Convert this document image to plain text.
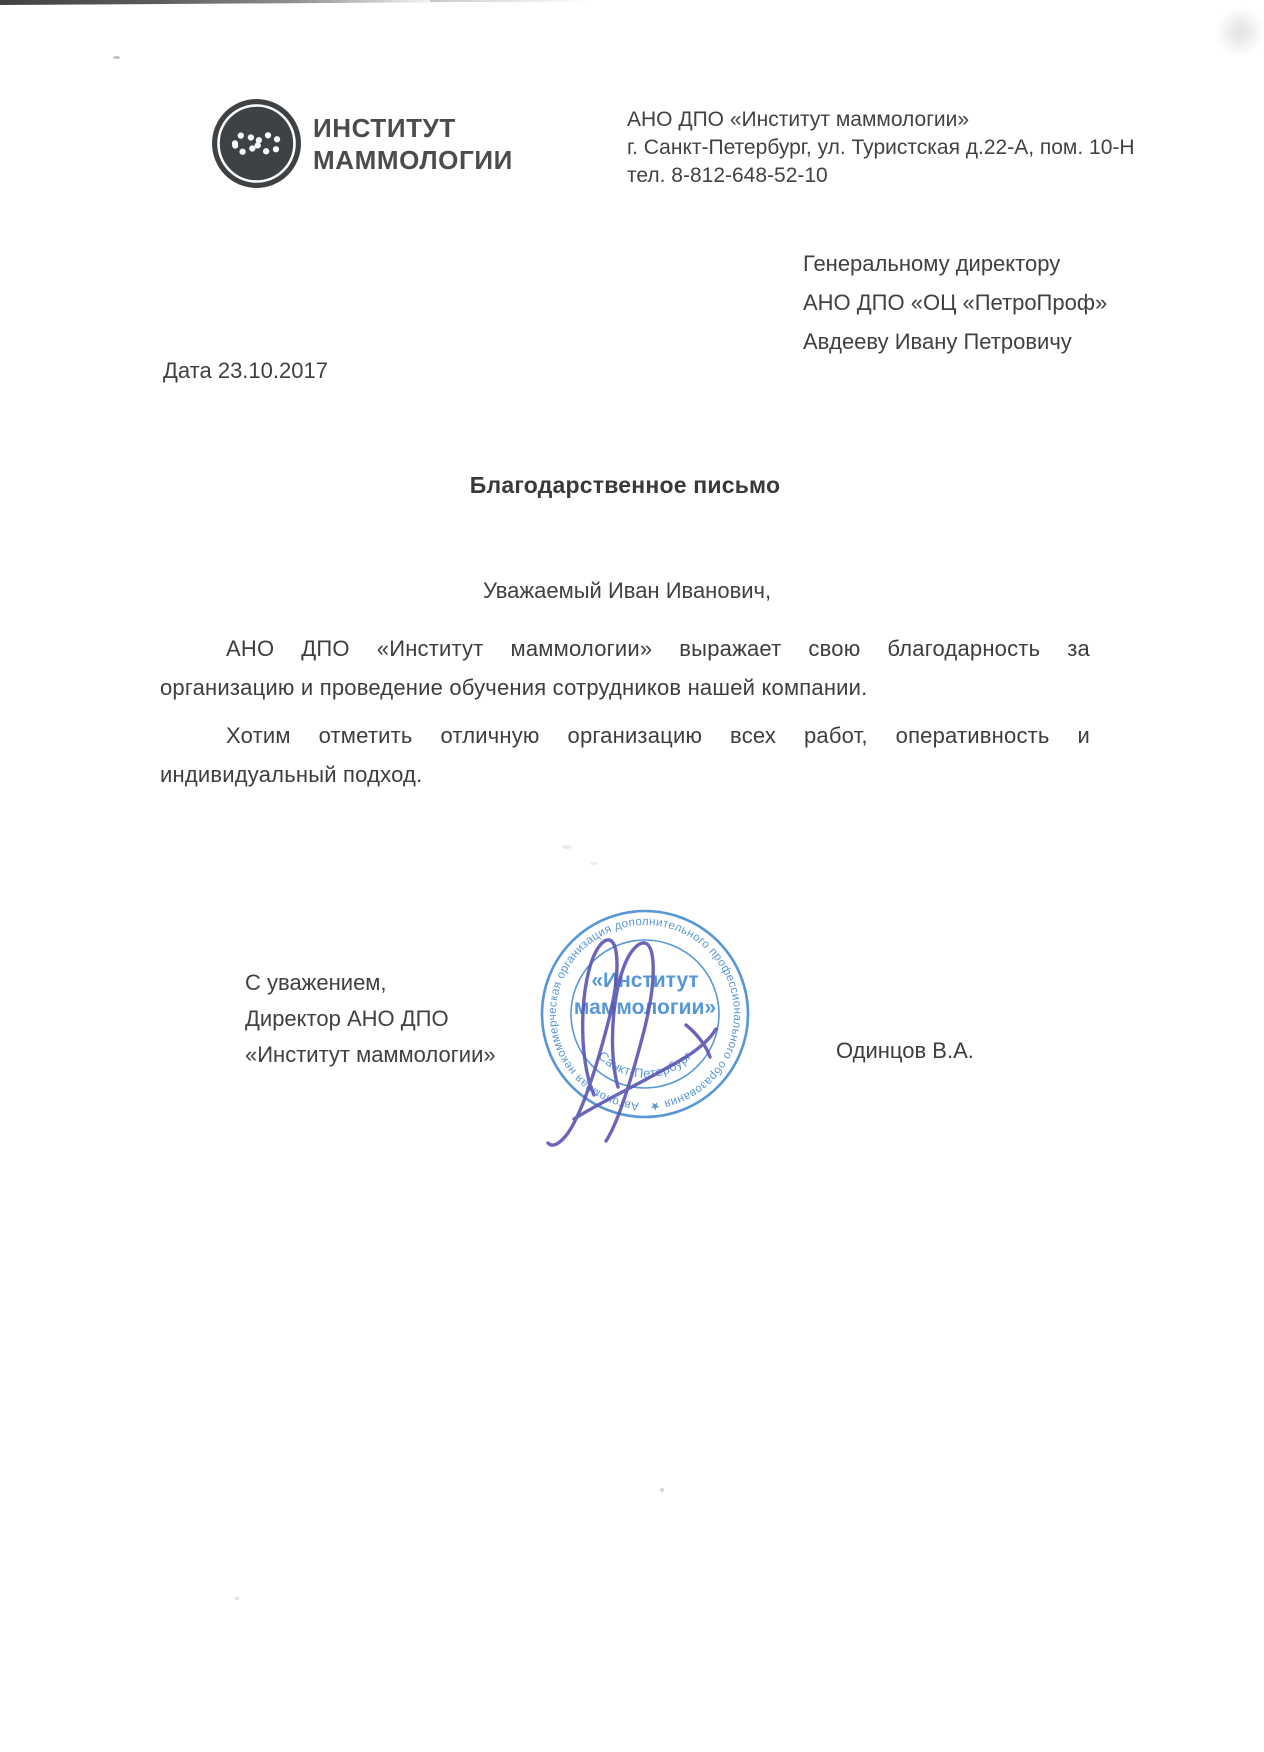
ИНСТИТУТ
МАММОЛОГИИ
АНО ДПО «Институт маммологии»
г. Санкт-Петербург, ул. Туристская д.22-А, пом. 10-Н
тел. 8-812-648-52-10
Генеральному директору
АНО ДПО «ОЦ «ПетроПроф»
Авдееву Ивану Петровичу
Дата 23.10.2017
Благодарственное письмо
Уважаемый Иван Иванович,
АНО ДПО «Институт маммологии» выражает свою благодарность за
организацию и проведение обучения сотрудников нашей компании.
Хотим отметить отличную организацию всех работ, оперативность и
индивидуальный подход.
С уважением,
Директор АНО ДПО
«Институт маммологии»
Автономная некоммерческая организация дополнительного профессионального образования ★
«Институт
маммологии»
Санкт-Петербург	Одинцов В.А.
